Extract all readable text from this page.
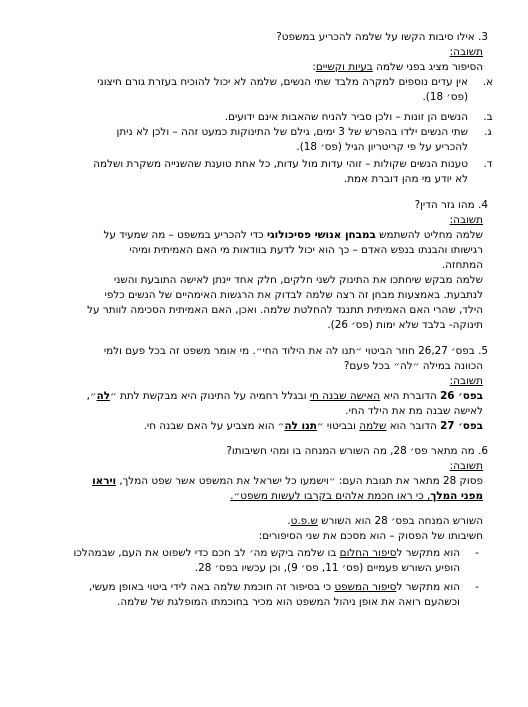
3. אילו סיבות הקשו על שלמה להכריע במשפט?
תשובה:
הסיפור מציג בפני שלמה בעיות וקשיים:
א.
אין עדים נוספים למקרה מלבד שתי הנשים, שלמה לא יכול להוכיח בעזרת גורם חיצוני
(פס׳ 18).
ב.
הנשים הן זונות – ולכן סביר להניח שהאבות אינם ידועים.
ג.
שתי הנשים ילדו בהפרש של 3 ימים, גילם של התינוקות כמעט זהה – ולכן לא ניתן
להכריע על פי קריטריון הגיל (פס׳ 18).
ד.
טענות הנשים שקולות – זוהי עדות מול עדות, כל אחת טוענת שהשנייה משקרת ושלמה
לא יודע מי מהן דוברת אמת.
4. מהו גזר הדין?
תשובה:
שלמה מחליט להשתמש במבחן אנושי פסיכולוגי כדי להכריע במשפט – מה שמעיד על
רגישותו והבנתו בנפש האדם – כך הוא יכול לדעת בוודאות מי האם האמיתית ומיהי
המתחזה.
שלמה מבקש שיחתכו את התינוק לשני חלקים, חלק אחד יינתן לאישה התובעת והשני
לנתבעת. באמצעות מבחן זה רצה שלמה לבדוק את הרגשות האימהיים של הנשים כלפי
הילד, שהרי האם האמיתית תתנגד להחלטת שלמה. ואכן, האם האמיתית הסכימה לוותר על
תינוקה- בלבד שלא ימות (פס׳ 26).
5. בפס׳ 26,27 חוזר הביטוי ״תנו לה את הילוד החי״. מי אומר משפט זה בכל פעם ולמי
הכוונה במילה ״לה״ בכל פעם?
תשובה:
בפס׳ 26 הדוברת היא האישה שבנה חי ובגלל רחמיה על התינוק היא מבקשת לתת ״לה״,
לאישה שבנה מת את הילד החי.
בפס׳ 27 הדובר הוא שלמה ובביטוי ״תנו לה״ הוא מצביע על האם שבנה חי.
6. מה מתאר פס׳ 28, מה השורש המנחה בו ומהי חשיבותו?
תשובה:
פסוק 28 מתאר את תגובת העם: ״וישמעו כל ישראל את המשפט אשר שפט המלך, ויראו
מפני המלך, כי ראו חכמת אלהים בקרבו לעשות משפט״.
השורש המנחה בפס׳ 28 הוא השורש ש.פ.ט.
חשיבותו של הפסוק – הוא מסכם את שני הסיפורים:
-
הוא מתקשר לסיפור החלום בו שלמה ביקש מה׳ לב חכם כדי לשפוט את העם, שבמהלכו
הופיע השורש פעמיים (פס׳ 11, פס׳ 9), וכן עכשיו בפס׳ 28.
-
הוא מתקשר לסיפור המשפט כי בסיפור זה חוכמת שלמה באה לידי ביטוי באופן מעשי,
וכשהעם רואה את אופן ניהול המשפט הוא מכיר בחוכמתו המופלגת של שלמה.
